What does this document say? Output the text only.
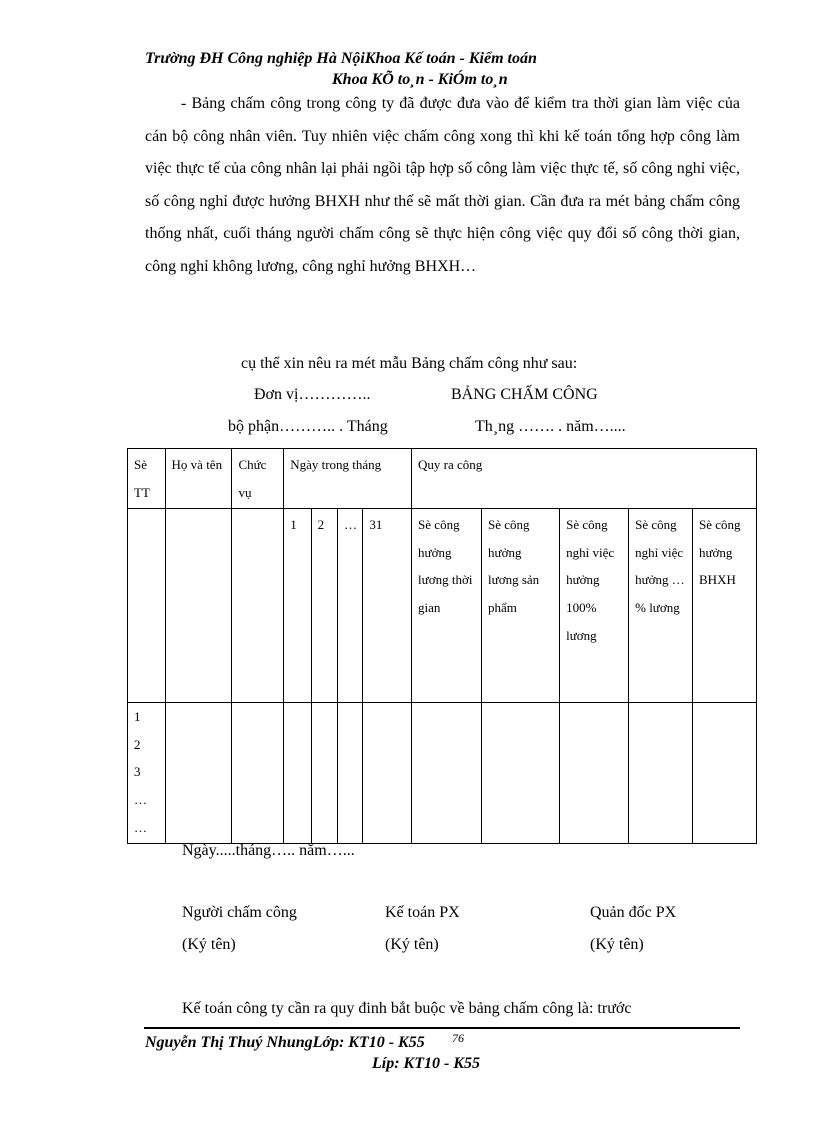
Trường ĐH Công nghiệp Hà NộiKhoa Kế toán - Kiểm toán
Khoa KÕ to¸n - KiÓm to¸n
- Bảng chấm công trong công ty đã được đưa vào để kiểm tra thời gian làm việc của cán bộ công nhân viên. Tuy nhiên việc chấm công xong thì khi kế toán tổng hợp công làm việc thực tế của công nhân lại phải ngồi tập hợp số công làm việc thực tế, số công nghỉ việc, số công nghỉ được hưởng BHXH như thế sẽ mất thời gian. Cần đưa ra mét bảng chấm công thống nhất, cuối tháng người chấm công sẽ thực hiện công việc quy đổi số công thời gian, công nghỉ không lương, công nghỉ hưởng BHXH…
cụ thể xin nêu ra mét mẫu Bảng chấm công như sau:
Đơn vị…………..	BẢNG CHẤM CÔNG
bộ phận……….. . Tháng	Th¸ng ……. . năm…....
Sè TT	Họ và tên	Chức vụ	Ngày trong tháng				Quy ra công				
			1	2	…	31	Sè công hưởng lương thời gian	Sè công hưởng lương sản phẩm	Sè công nghỉ việc hưởng 100% lương	Sè công nghỉ việc hưởng …% lương	Sè công hưởng BHXH

1
2
3
…
…											

Ngày.....tháng….. năm…...
Người chấm công
(Ký tên)
Kế toán PX
(Ký tên)
Quản đốc PX
(Ký tên)
Kế toán công ty cần ra quy đinh bắt buộc về bảng chấm công là: trước
Nguyễn Thị Thuý NhungLớp: KT10 - K55 76
Líp: KT10 - K55
